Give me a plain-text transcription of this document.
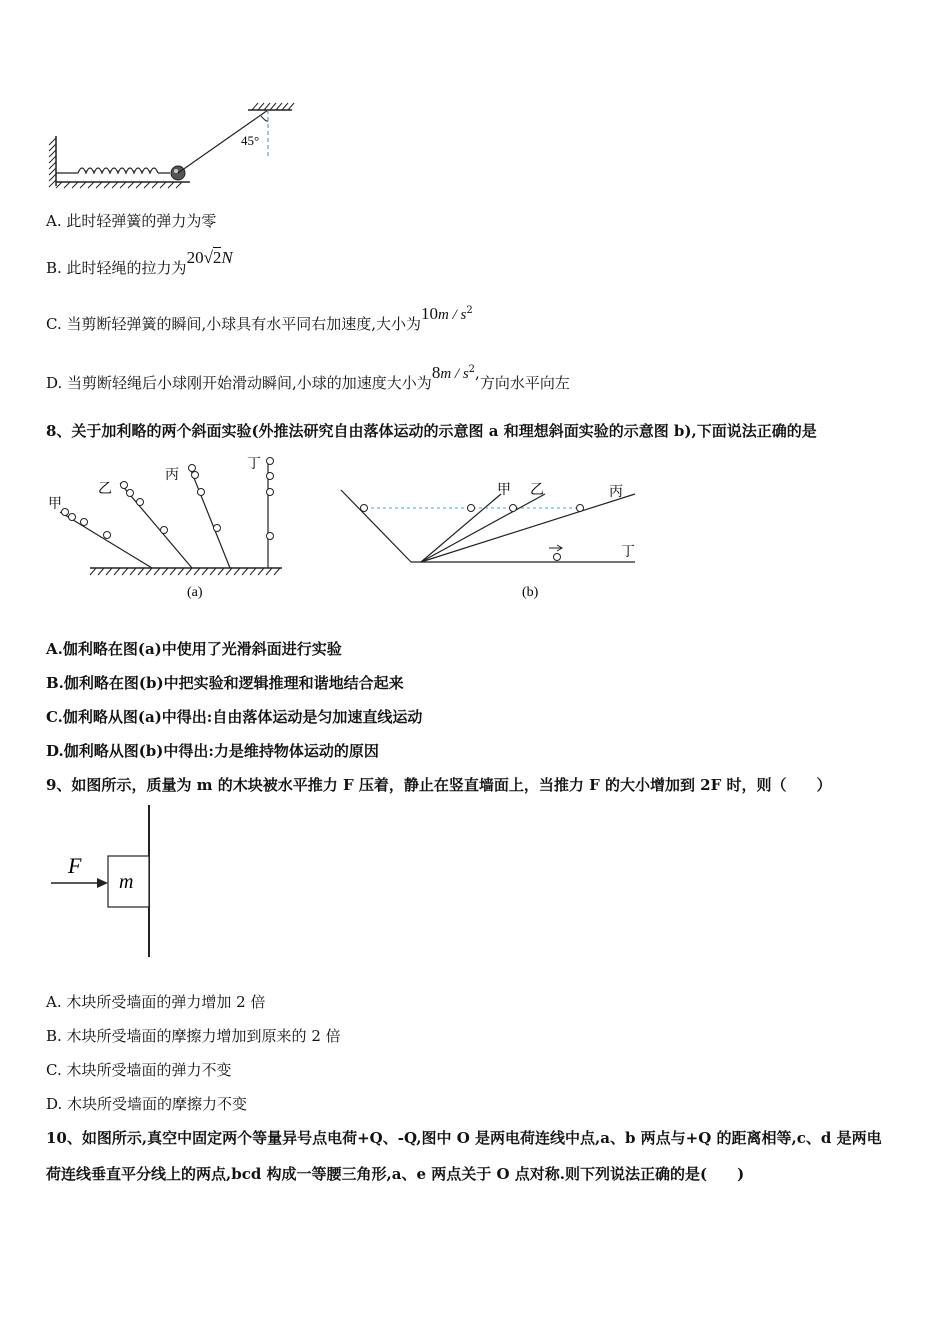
45°
A. 此时轻弹簧的弹力为零
B. 此时轻绳的拉力为20√2N
C. 当剪断轻弹簧的瞬间,小球具有水平同右加速度,大小为$10m / s^2$
D. 当剪断轻绳后小球刚开始滑动瞬间,小球的加速度大小为$8m / s^2$,方向水平向左
8、关于加利略的两个斜面实验(外推法研究自由落体运动的示意图 a 和理想斜面实验的示意图 b),下面说法正确的是
甲
乙
丙
丁
(a)
甲 乙	丙
丁
(b)
A.伽利略在图(a)中使用了光滑斜面进行实验
B.伽利略在图(b)中把实验和逻辑推理和谐地结合起来
C.伽利略从图(a)中得出:自由落体运动是匀加速直线运动
D.伽利略从图(b)中得出:力是维持物体运动的原因
9、如图所示，质量为 m 的木块被水平推力 F 压着，静止在竖直墙面上，当推力 F 的大小增加到 2F 时，则（　　）
F
m
A. 木块所受墙面的弹力增加 2 倍
B. 木块所受墙面的摩擦力增加到原来的 2 倍
C. 木块所受墙面的弹力不变
D. 木块所受墙面的摩擦力不变
10、如图所示,真空中固定两个等量异号点电荷+Q、-Q,图中 O 是两电荷连线中点,a、b 两点与+Q 的距离相等,c、d 是两电
荷连线垂直平分线上的两点,bcd 构成一等腰三角形,a、e 两点关于 O 点对称.则下列说法正确的是(　　)
